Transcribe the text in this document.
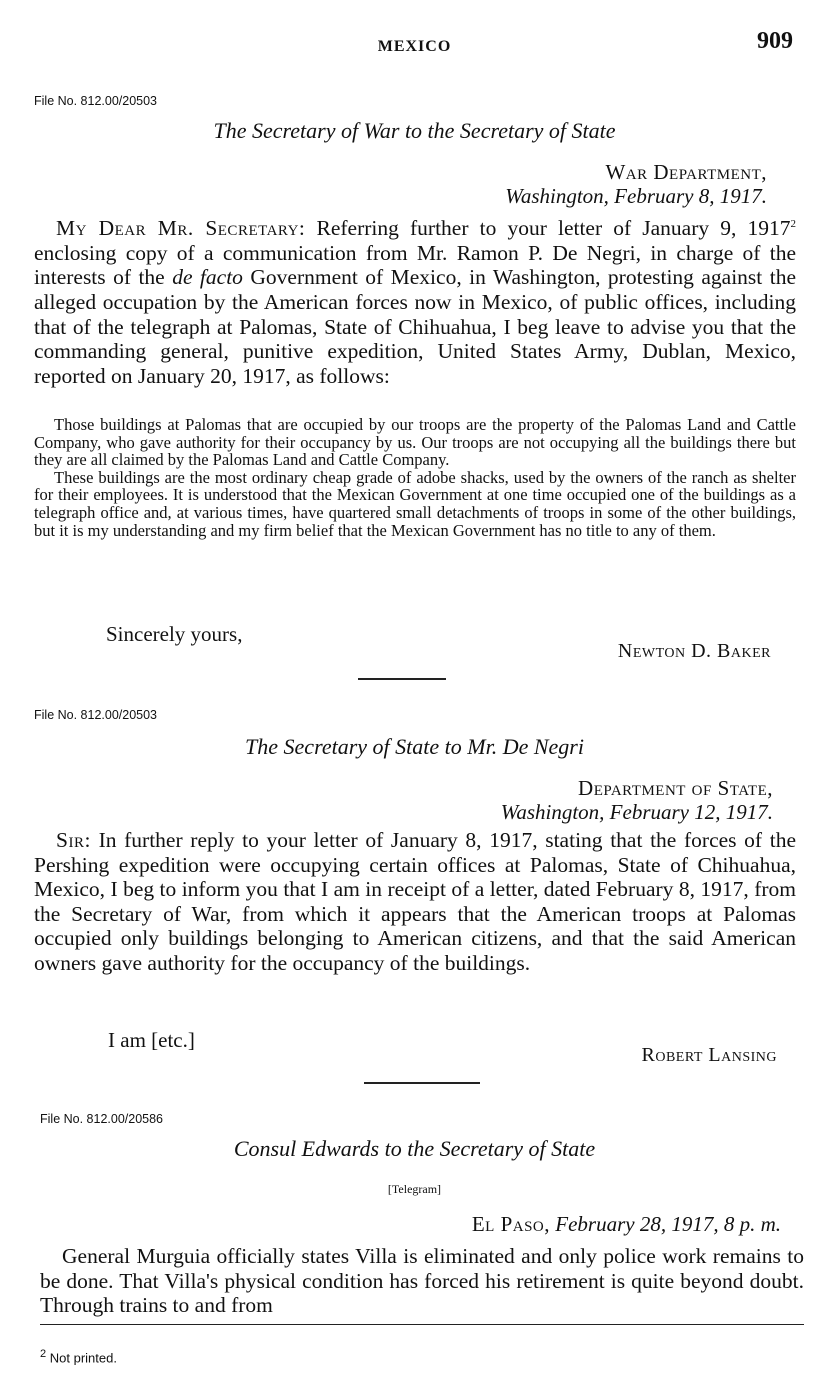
MEXICO	909
File No. 812.00/20503
The Secretary of War to the Secretary of State
War Department,
Washington, February 8, 1917.

My Dear Mr. Secretary: Referring further to your letter of January 9, 1917$^2$ enclosing copy of a communication from Mr. Ramon P. De Negri, in charge of the interests of the de facto Government of Mexico, in Washington, protesting against the alleged occupation by the American forces now in Mexico, of public offices, including that of the telegraph at Palomas, State of Chihuahua, I beg leave to advise you that the commanding general, punitive expedition, United States Army, Dublan, Mexico, reported on January 20, 1917, as follows:

Those buildings at Palomas that are occupied by our troops are the property of the Palomas Land and Cattle Company, who gave authority for their occupancy by us. Our troops are not occupying all the buildings there but they are all claimed by the Palomas Land and Cattle Company.

These buildings are the most ordinary cheap grade of adobe shacks, used by the owners of the ranch as shelter for their employees. It is understood that the Mexican Government at one time occupied one of the buildings as a telegraph office and, at various times, have quartered small detachments of troops in some of the other buildings, but it is my understanding and my firm belief that the Mexican Government has no title to any of them.

Sincerely yours,
Newton D. Baker
File No. 812.00/20503
The Secretary of State to Mr. De Negri
Department of State,
Washington, February 12, 1917.

Sir: In further reply to your letter of January 8, 1917, stating that the forces of the Pershing expedition were occupying certain offices at Palomas, State of Chihuahua, Mexico, I beg to inform you that I am in receipt of a letter, dated February 8, 1917, from the Secretary of War, from which it appears that the American troops at Palomas occupied only buildings belonging to American citizens, and that the said American owners gave authority for the occupancy of the buildings.

I am [etc.]
Robert Lansing
File No. 812.00/20586
Consul Edwards to the Secretary of State
[Telegram]
El Paso, February 28, 1917, 8 p. m.

General Murguia officially states Villa is eliminated and only police work remains to be done. That Villa's physical condition has forced his retirement is quite beyond doubt. Through trains to and from

$^2$ Not printed.
